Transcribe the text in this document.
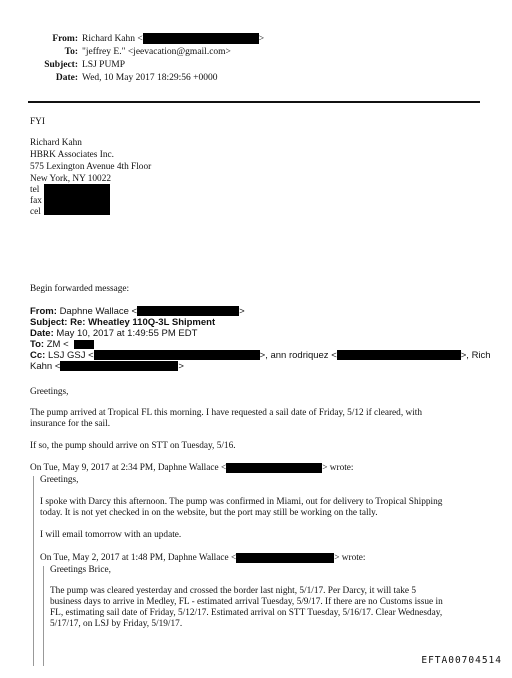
From: Richard Kahn <	>
To: "jeffrey E." <jeevacation@gmail.com>
Subject: LSJ PUMP
Date: Wed, 10 May 2017 18:29:56 +0000
FYI
Richard Kahn
HBRK Associates Inc.
575 Lexington Avenue 4th Floor
New York, NY 10022
tel
fax
cel
Begin forwarded message:
From: Daphne Wallace <	>
Subject: Re: Wheatley 110Q-3L Shipment
Date: May 10, 2017 at 1:49:55 PM EDT
To: ZM <
Cc: LSJ GSJ <	>, ann rodriquez <	>, Rich
Kahn <	>
Greetings,
The pump arrived at Tropical FL this morning. I have requested a sail date of Friday, 5/12 if cleared, with
insurance for the sail.
If so, the pump should arrive on STT on Tuesday, 5/16.
On Tue, May 9, 2017 at 2:34 PM, Daphne Wallace <	> wrote:
Greetings,
I spoke with Darcy this afternoon. The pump was confirmed in Miami, out for delivery to Tropical Shipping
today. It is not yet checked in on the website, but the port may still be working on the tally.
I will email tomorrow with an update.
On Tue, May 2, 2017 at 1:48 PM, Daphne Wallace <	> wrote:
Greetings Brice,
The pump was cleared yesterday and crossed the border last night, 5/1/17. Per Darcy, it will take 5
business days to arrive in Medley, FL - estimated arrival Tuesday, 5/9/17. If there are no Customs issue in
FL, estimating sail date of Friday, 5/12/17. Estimated arrival on STT Tuesday, 5/16/17. Clear Wednesday,
5/17/17, on LSJ by Friday, 5/19/17.
EFTA00704514
